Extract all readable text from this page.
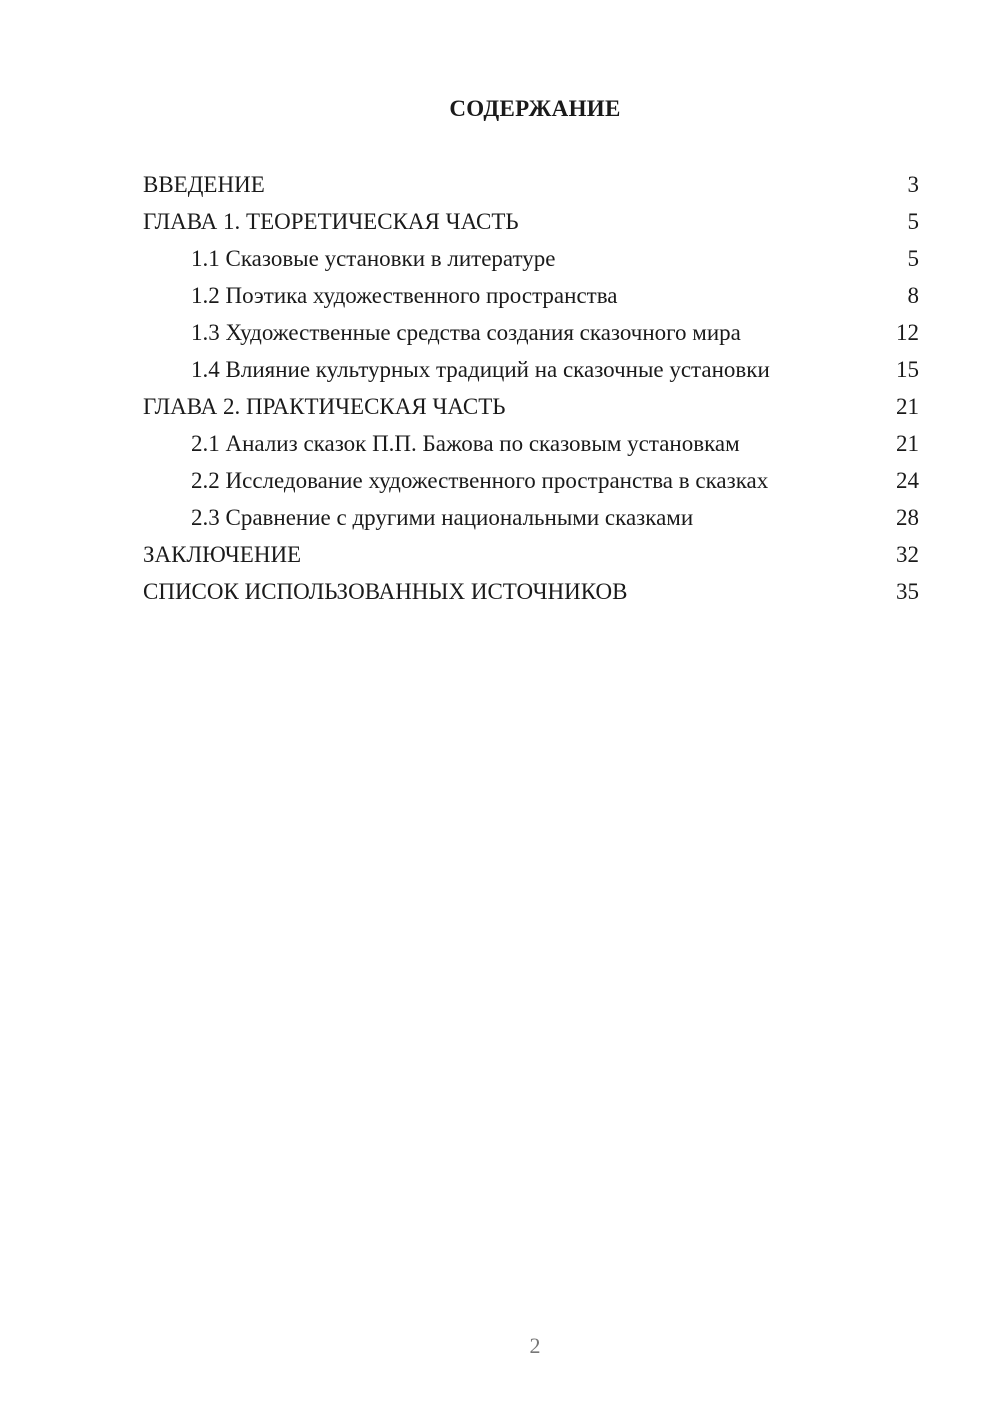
СОДЕРЖАНИЕ
ВВЕДЕНИЕ	3
ГЛАВА 1. ТЕОРЕТИЧЕСКАЯ ЧАСТЬ	5
1.1 Сказовые установки в литературе	5
1.2 Поэтика художественного пространства	8
1.3 Художественные средства создания сказочного мира	12
1.4 Влияние культурных традиций на сказочные установки	15
ГЛАВА 2. ПРАКТИЧЕСКАЯ ЧАСТЬ	21
2.1 Анализ сказок П.П. Бажова по сказовым установкам	21
2.2 Исследование художественного пространства в сказках	24
2.3 Сравнение с другими национальными сказками	28
ЗАКЛЮЧЕНИЕ	32
СПИСОК ИСПОЛЬЗОВАННЫХ ИСТОЧНИКОВ	35
2
